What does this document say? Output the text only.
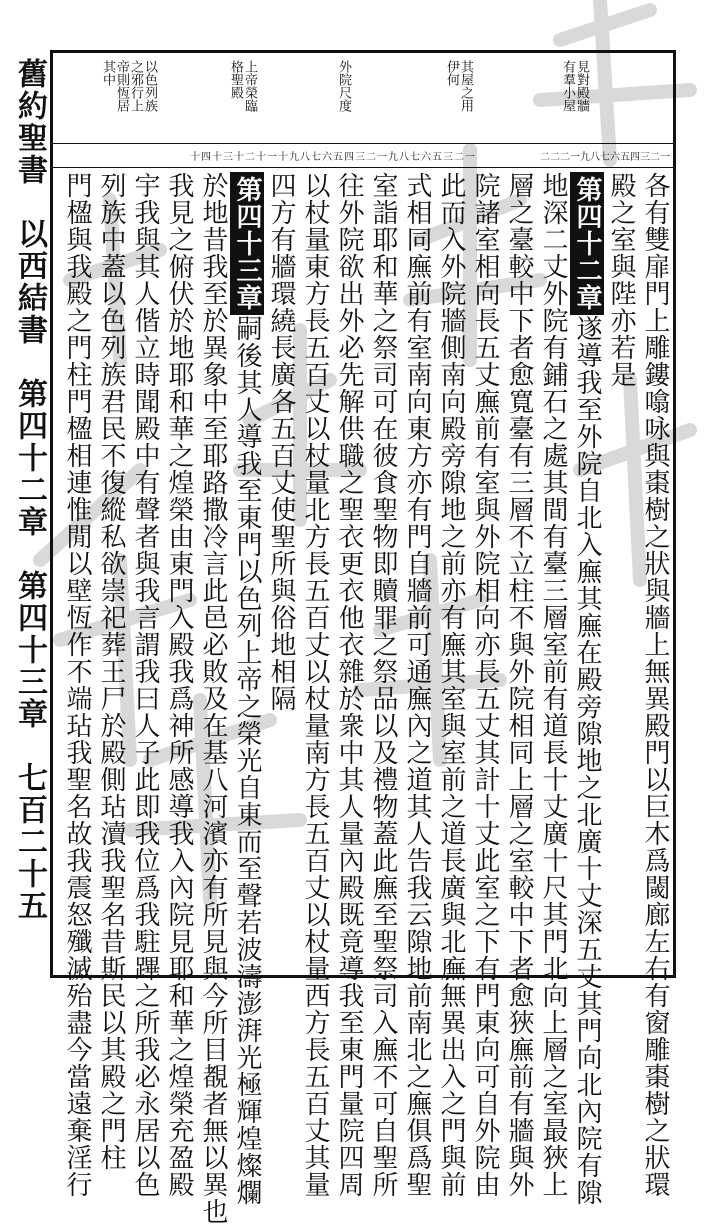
舊約聖書　以西結書　第四十二章　第四十三章　七百二十五	見對殿牆
有羣小屋
其屋之用
伊何
外院尺度
上帝榮臨
格聖殿
以色列族
之邪行上
帝則恆居
其中
二二二一九八七六五四三二一
十四十三十二十一十九八七六五四三二一九八七六五三二一
各有雙扉門上雕鏤噏咏與棗樹之狀與牆上無異殿門以巨木爲閾廊左右有窗雕棗樹之狀環
殿之室與陛亦若是
第四十二章遂導我至外院自北入廡其廡在殿旁隙地之北廣十丈深五丈其門向北內院有隙
地深二丈外院有鋪石之處其間有臺三層室前有道長十丈廣十尺其門北向上層之室最狹上
層之臺較中下者愈寬臺有三層不立柱不與外院相同上層之室較中下者愈狹廡前有牆與外
院諸室相向長五丈廡前有室與外院相向亦長五丈其計十丈此室之下有門東向可自外院由
此而入外院牆側南向殿旁隙地之前亦有廡其室與室前之道長廣與北廡無異出入之門與前
式相同廡前有室南向東方亦有門自牆前可通廡內之道其人告我云隙地前南北之廡俱爲聖
室詣耶和華之祭司可在彼食聖物即贖罪之祭品以及禮物蓋此廡至聖祭司入廡不可自聖所
往外院欲出外必先解供職之聖衣更衣他衣雜於衆中其人量內殿既竟導我至東門量院四周
以杖量東方長五百丈以杖量北方長五百丈以杖量南方長五百丈以杖量西方長五百丈其量
四方有牆環繞長廣各五百丈使聖所與俗地相隔
第四十三章嗣後其人導我至東門以色列上帝之榮光自東而至聲若波濤澎湃光極輝煌燦爛
於地昔我至於異象中至耶路撒冷言此邑必敗及在基八河濱亦有所見與今所目覩者無以異也
我見之俯伏於地耶和華之煌榮由東門入殿我爲神所感導我入內院見耶和華之煌榮充盈殿
宇我與其人偕立時聞殿中有聲者與我言謂我曰人子此即我位爲我駐蹕之所我必永居以色
列族中蓋以色列族君民不復縱私欲崇祀葬王尸於殿側玷瀆我聖名昔斯民以其殿之門柱
門楹與我殿之門柱門楹相連惟閒以壁恆作不端玷我聖名故我震怒殲滅殆盡今當遠棄淫行
